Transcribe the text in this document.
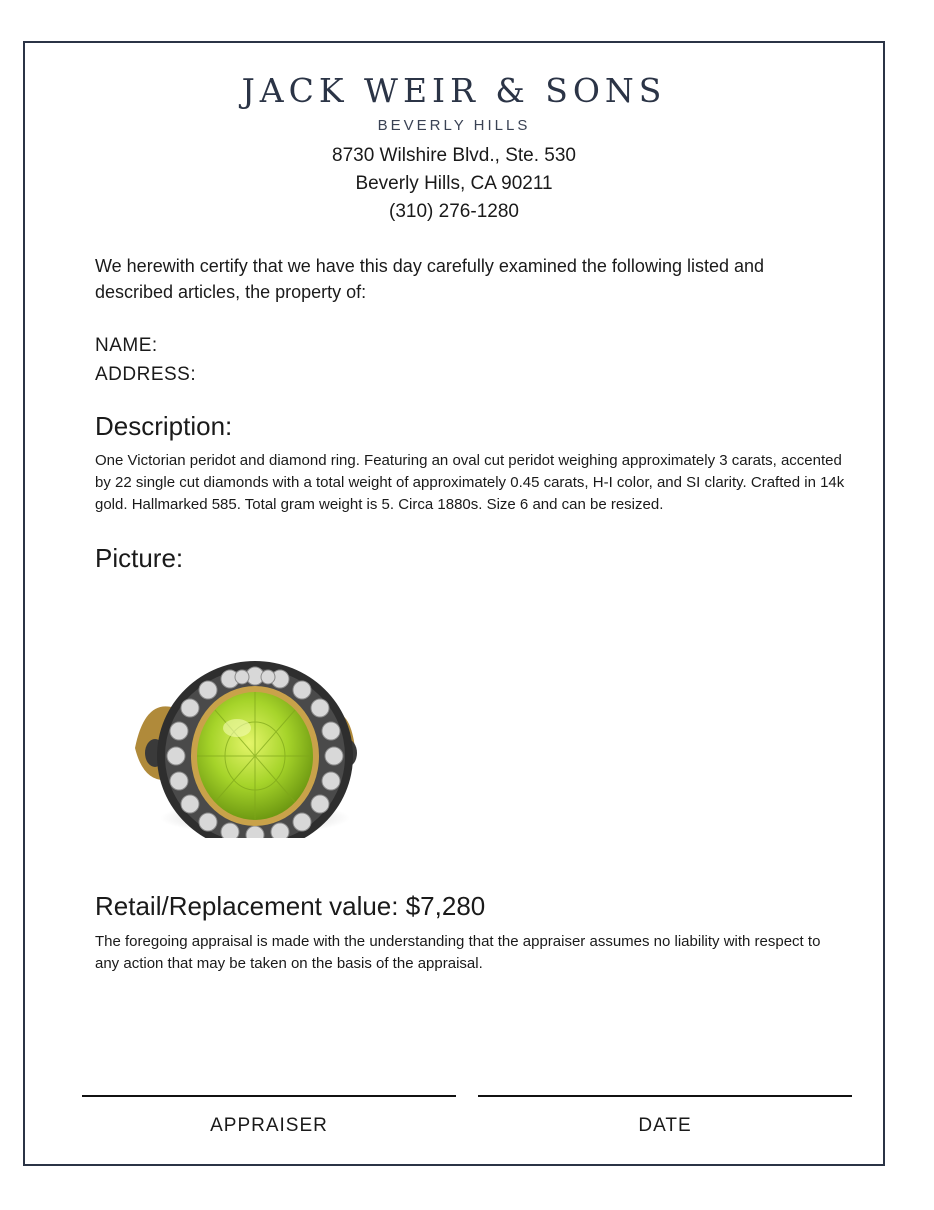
JACK WEIR & SONS
BEVERLY HILLS
8730 Wilshire Blvd., Ste. 530
Beverly Hills, CA 90211
(310) 276-1280
We herewith certify that we have this day carefully examined the following listed and described articles, the property of:
NAME:
ADDRESS:
Description:
One Victorian peridot and diamond ring. Featuring an oval cut peridot weighing approximately 3 carats, accented by 22 single cut diamonds with a total weight of approximately 0.45 carats, H-I color, and SI clarity. Crafted in 14k gold. Hallmarked 585. Total gram weight is 5. Circa 1880s. Size 6 and can be resized.
Picture:
Retail/Replacement value: $7,280
The foregoing appraisal is made with the understanding that the appraiser assumes no liability with respect to any action that may be taken on the basis of the appraisal.
APPRAISER	DATE
